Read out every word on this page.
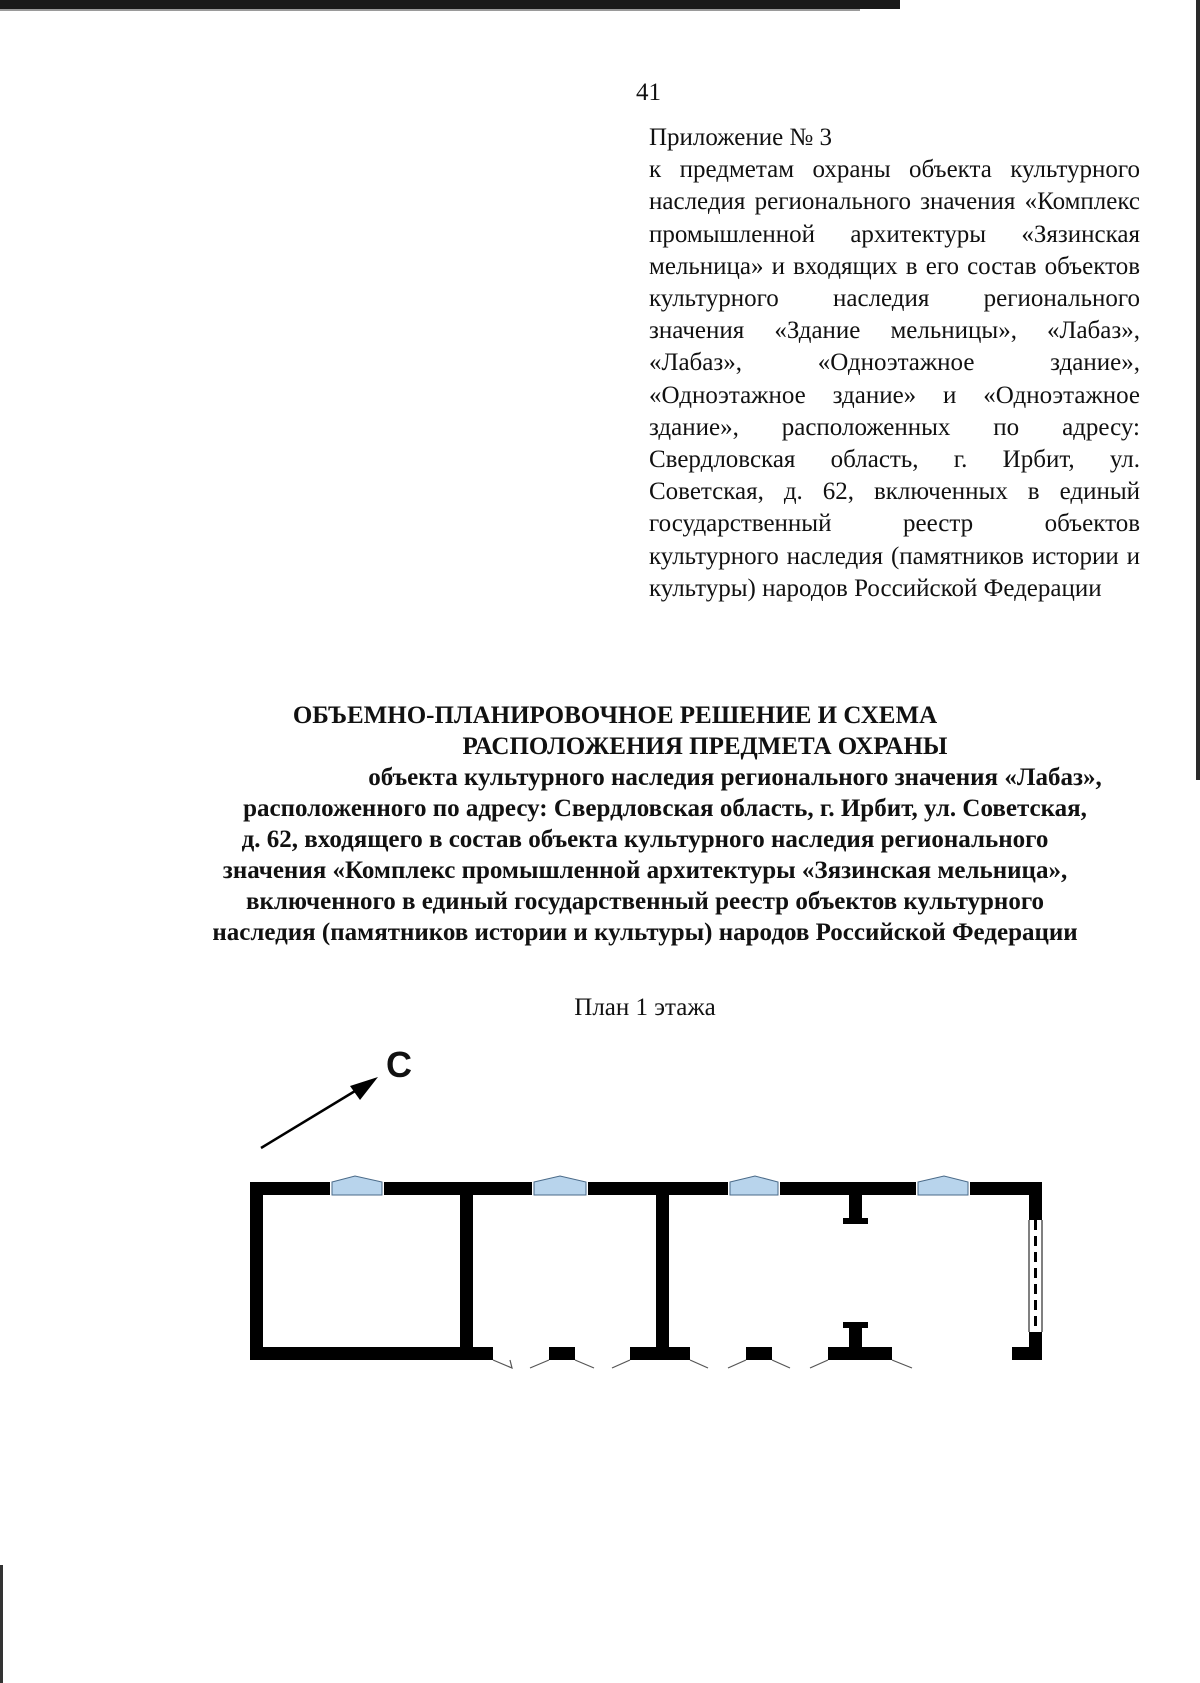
41
Приложение № 3
к предметам охраны объекта культурного наследия регионального значения «Комплекс промышленной архитектуры «Зязинская мельница» и входящих в его состав объектов культурного наследия регионального значения «Здание мельницы», «Лабаз», «Лабаз», «Одноэтажное здание», «Одноэтажное здание» и «Одноэтажное здание», расположенных по адресу: Свердловская область, г. Ирбит, ул. Советская, д. 62, включенных в единый государственный реестр объектов культурного наследия (памятников истории и культуры) народов Российской Федерации
ОБЪЕМНО-ПЛАНИРОВОЧНОЕ РЕШЕНИЕ И СХЕМА
РАСПОЛОЖЕНИЯ ПРЕДМЕТА ОХРАНЫ
объекта культурного наследия регионального значения «Лабаз»,
расположенного по адресу: Свердловская область, г. Ирбит, ул. Советская,
д. 62, входящего в состав объекта культурного наследия регионального
значения «Комплекс промышленной архитектуры «Зязинская мельница»,
включенного в единый государственный реестр объектов культурного
наследия (памятников истории и культуры) народов Российской Федерации
План 1 этажа
С
